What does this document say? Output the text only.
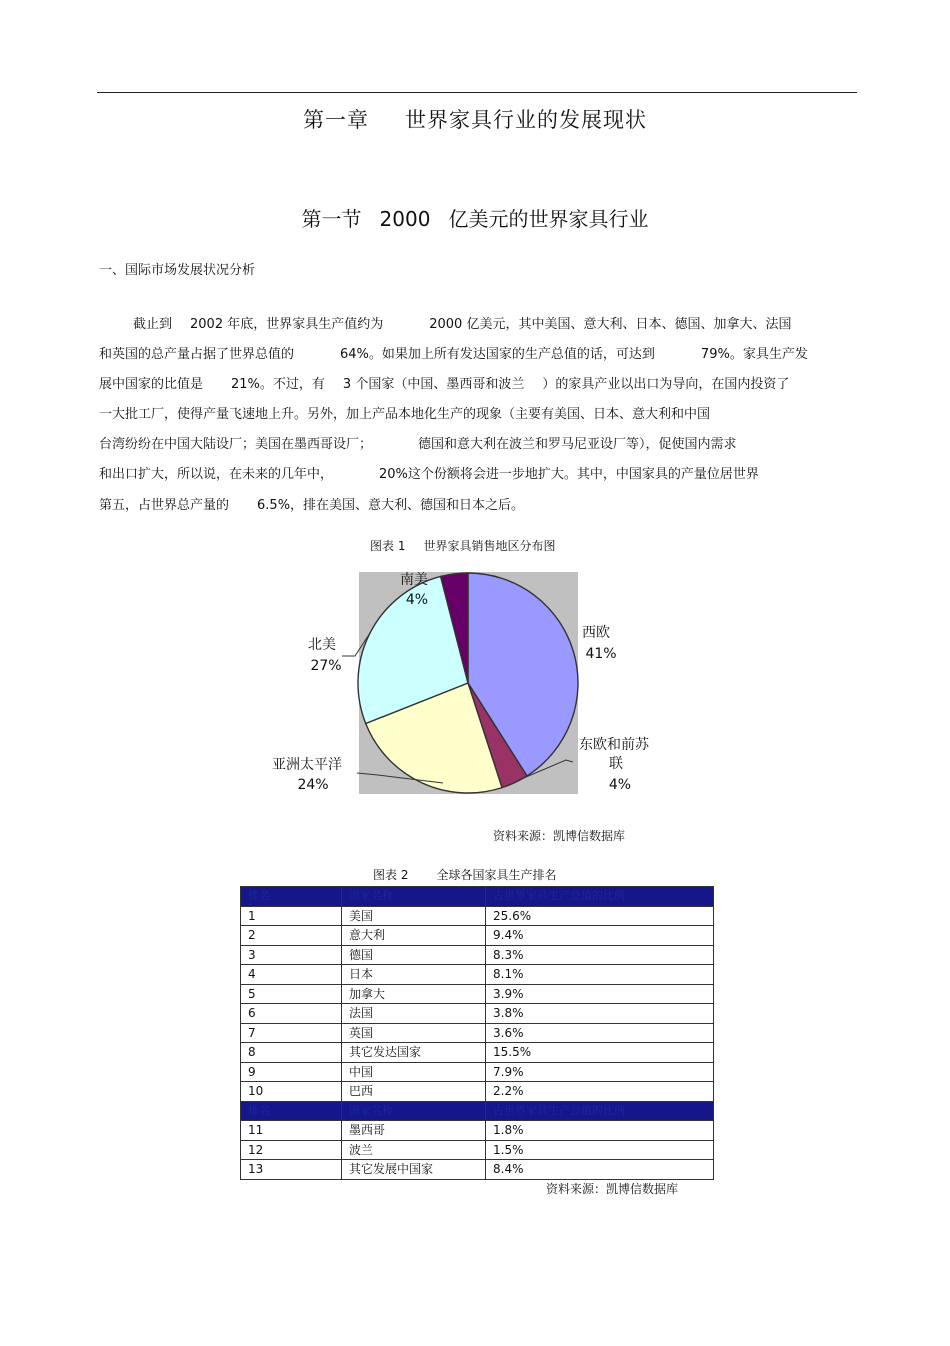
第一章 世界家具行业的发展现状
第一节 2000 亿美元的世界家具行业
一、国际市场发展状况分析
截止到 2002 年底，世界家具生产值约为	2000 亿美元，其中美国、意大利、日本、德国、加拿大、法国
和英国的总产量占据了世界总值的	64%。如果加上所有发达国家的生产总值的话，可达到	79%。家具生产发
展中国家的比值是 21%。不过，有 3 个国家（中国、墨西哥和波兰 ）的家具产业以出口为导向，在国内投资了
一大批工厂，使得产量飞速地上升。另外，加上产品本地化生产的现象（主要有美国、日本、意大利和中国
台湾纷纷在中国大陆设厂；美国在墨西哥设厂；	德国和意大利在波兰和罗马尼亚设厂等），促使国内需求
和出口扩大，所以说，在未来的几年中，	20%这个份额将会进一步地扩大。其中，中国家具的产量位居世界
第五，占世界总产量的 6.5%，排在美国、意大利、德国和日本之后。
图表 1 世界家具销售地区分布图
西欧
41%
东欧和前苏
联
4%
亚洲太平洋
24%
北美
27%
南美
4%
资料来源：凯博信数据库
图表 2 全球各国家具生产排名
排名	国家名称	占世界家具生产总值的比例
1	美国	25.6%
2	意大利	9.4%
3	德国	8.3%
4	日本	8.1%
5	加拿大	3.9%
6	法国	3.8%
7	英国	3.6%
8	其它发达国家	15.5%
9	中国	7.9%
10	巴西	2.2%
排名	国家名称	占世界家具生产总值的比例
11	墨西哥	1.8%
12	波兰	1.5%
13	其它发展中国家	8.4%
资料来源：凯博信数据库
